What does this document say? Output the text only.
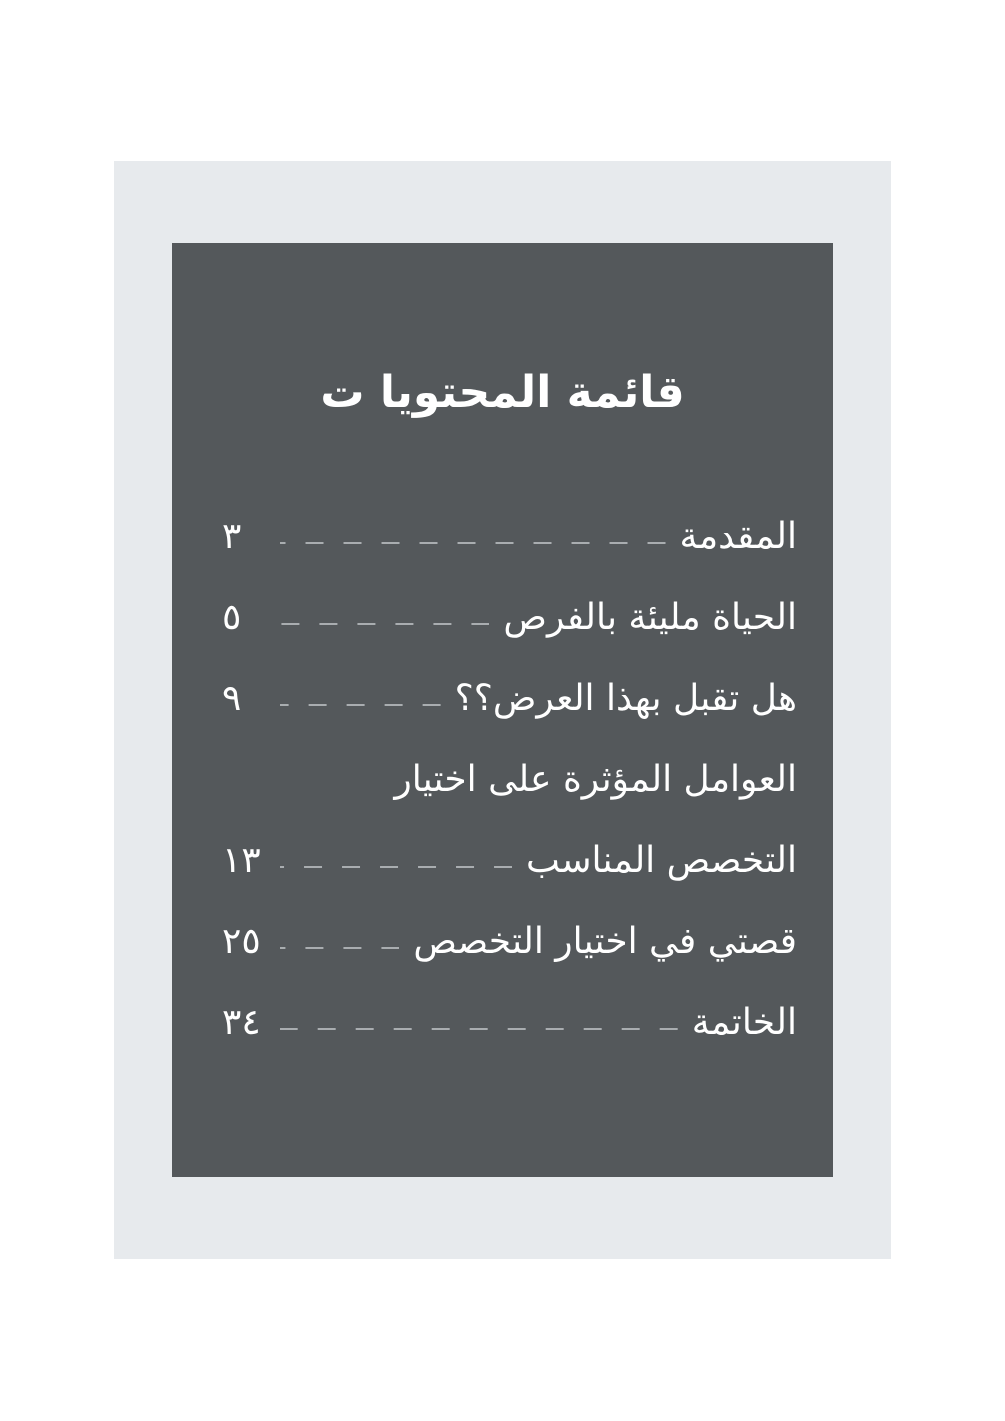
قائمة المحتويا ت
المقدمة
٣
الحياة مليئة بالفرص
٥
هل تقبل بهذا العرض؟؟
٩
العوامل المؤثرة على اختيار
التخصص المناسب
١٣
قصتي في اختيار التخصص
٢٥
الخاتمة
٣٤
